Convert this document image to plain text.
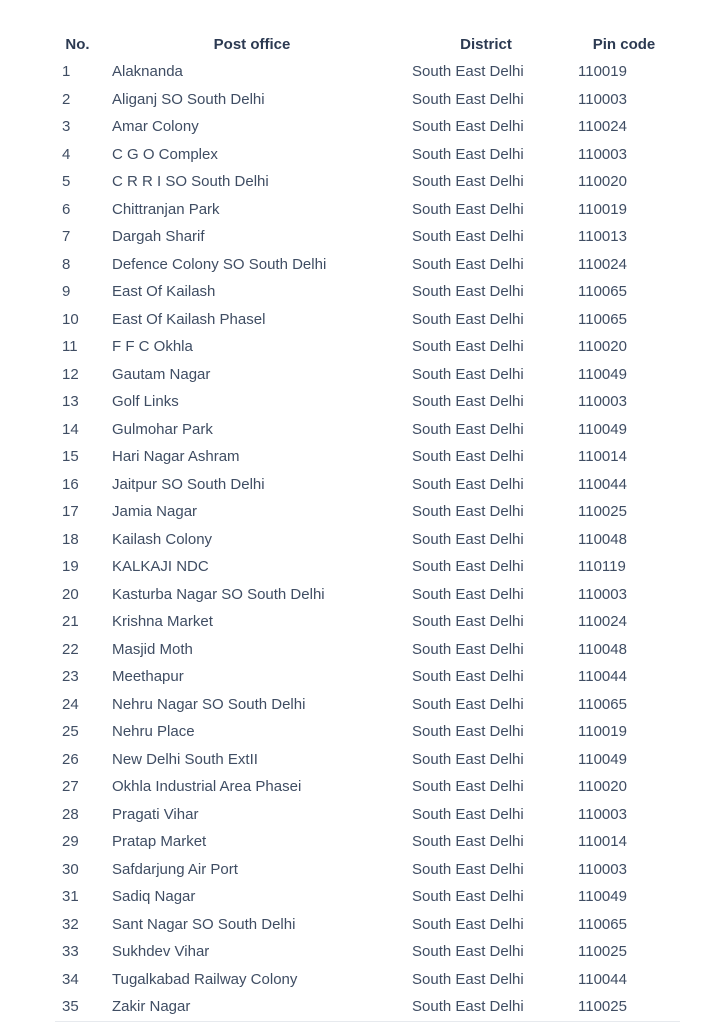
No.	Post office	District	Pin code
1	Alaknanda	South East Delhi	110019
2	Aliganj SO South Delhi	South East Delhi	110003
3	Amar Colony	South East Delhi	110024
4	C G O Complex	South East Delhi	110003
5	C R R I SO South Delhi	South East Delhi	110020
6	Chittranjan Park	South East Delhi	110019
7	Dargah Sharif	South East Delhi	110013
8	Defence Colony SO South Delhi	South East Delhi	110024
9	East Of Kailash	South East Delhi	110065
10	East Of Kailash Phasel	South East Delhi	110065
11	F F C Okhla	South East Delhi	110020
12	Gautam Nagar	South East Delhi	110049
13	Golf Links	South East Delhi	110003
14	Gulmohar Park	South East Delhi	110049
15	Hari Nagar Ashram	South East Delhi	110014
16	Jaitpur SO South Delhi	South East Delhi	110044
17	Jamia Nagar	South East Delhi	110025
18	Kailash Colony	South East Delhi	110048
19	KALKAJI NDC	South East Delhi	110119
20	Kasturba Nagar SO South Delhi	South East Delhi	110003
21	Krishna Market	South East Delhi	110024
22	Masjid Moth	South East Delhi	110048
23	Meethapur	South East Delhi	110044
24	Nehru Nagar SO South Delhi	South East Delhi	110065
25	Nehru Place	South East Delhi	110019
26	New Delhi South ExtII	South East Delhi	110049
27	Okhla Industrial Area Phasei	South East Delhi	110020
28	Pragati Vihar	South East Delhi	110003
29	Pratap Market	South East Delhi	110014
30	Safdarjung Air Port	South East Delhi	110003
31	Sadiq Nagar	South East Delhi	110049
32	Sant Nagar SO South Delhi	South East Delhi	110065
33	Sukhdev Vihar	South East Delhi	110025
34	Tugalkabad Railway Colony	South East Delhi	110044
35	Zakir Nagar	South East Delhi	110025
